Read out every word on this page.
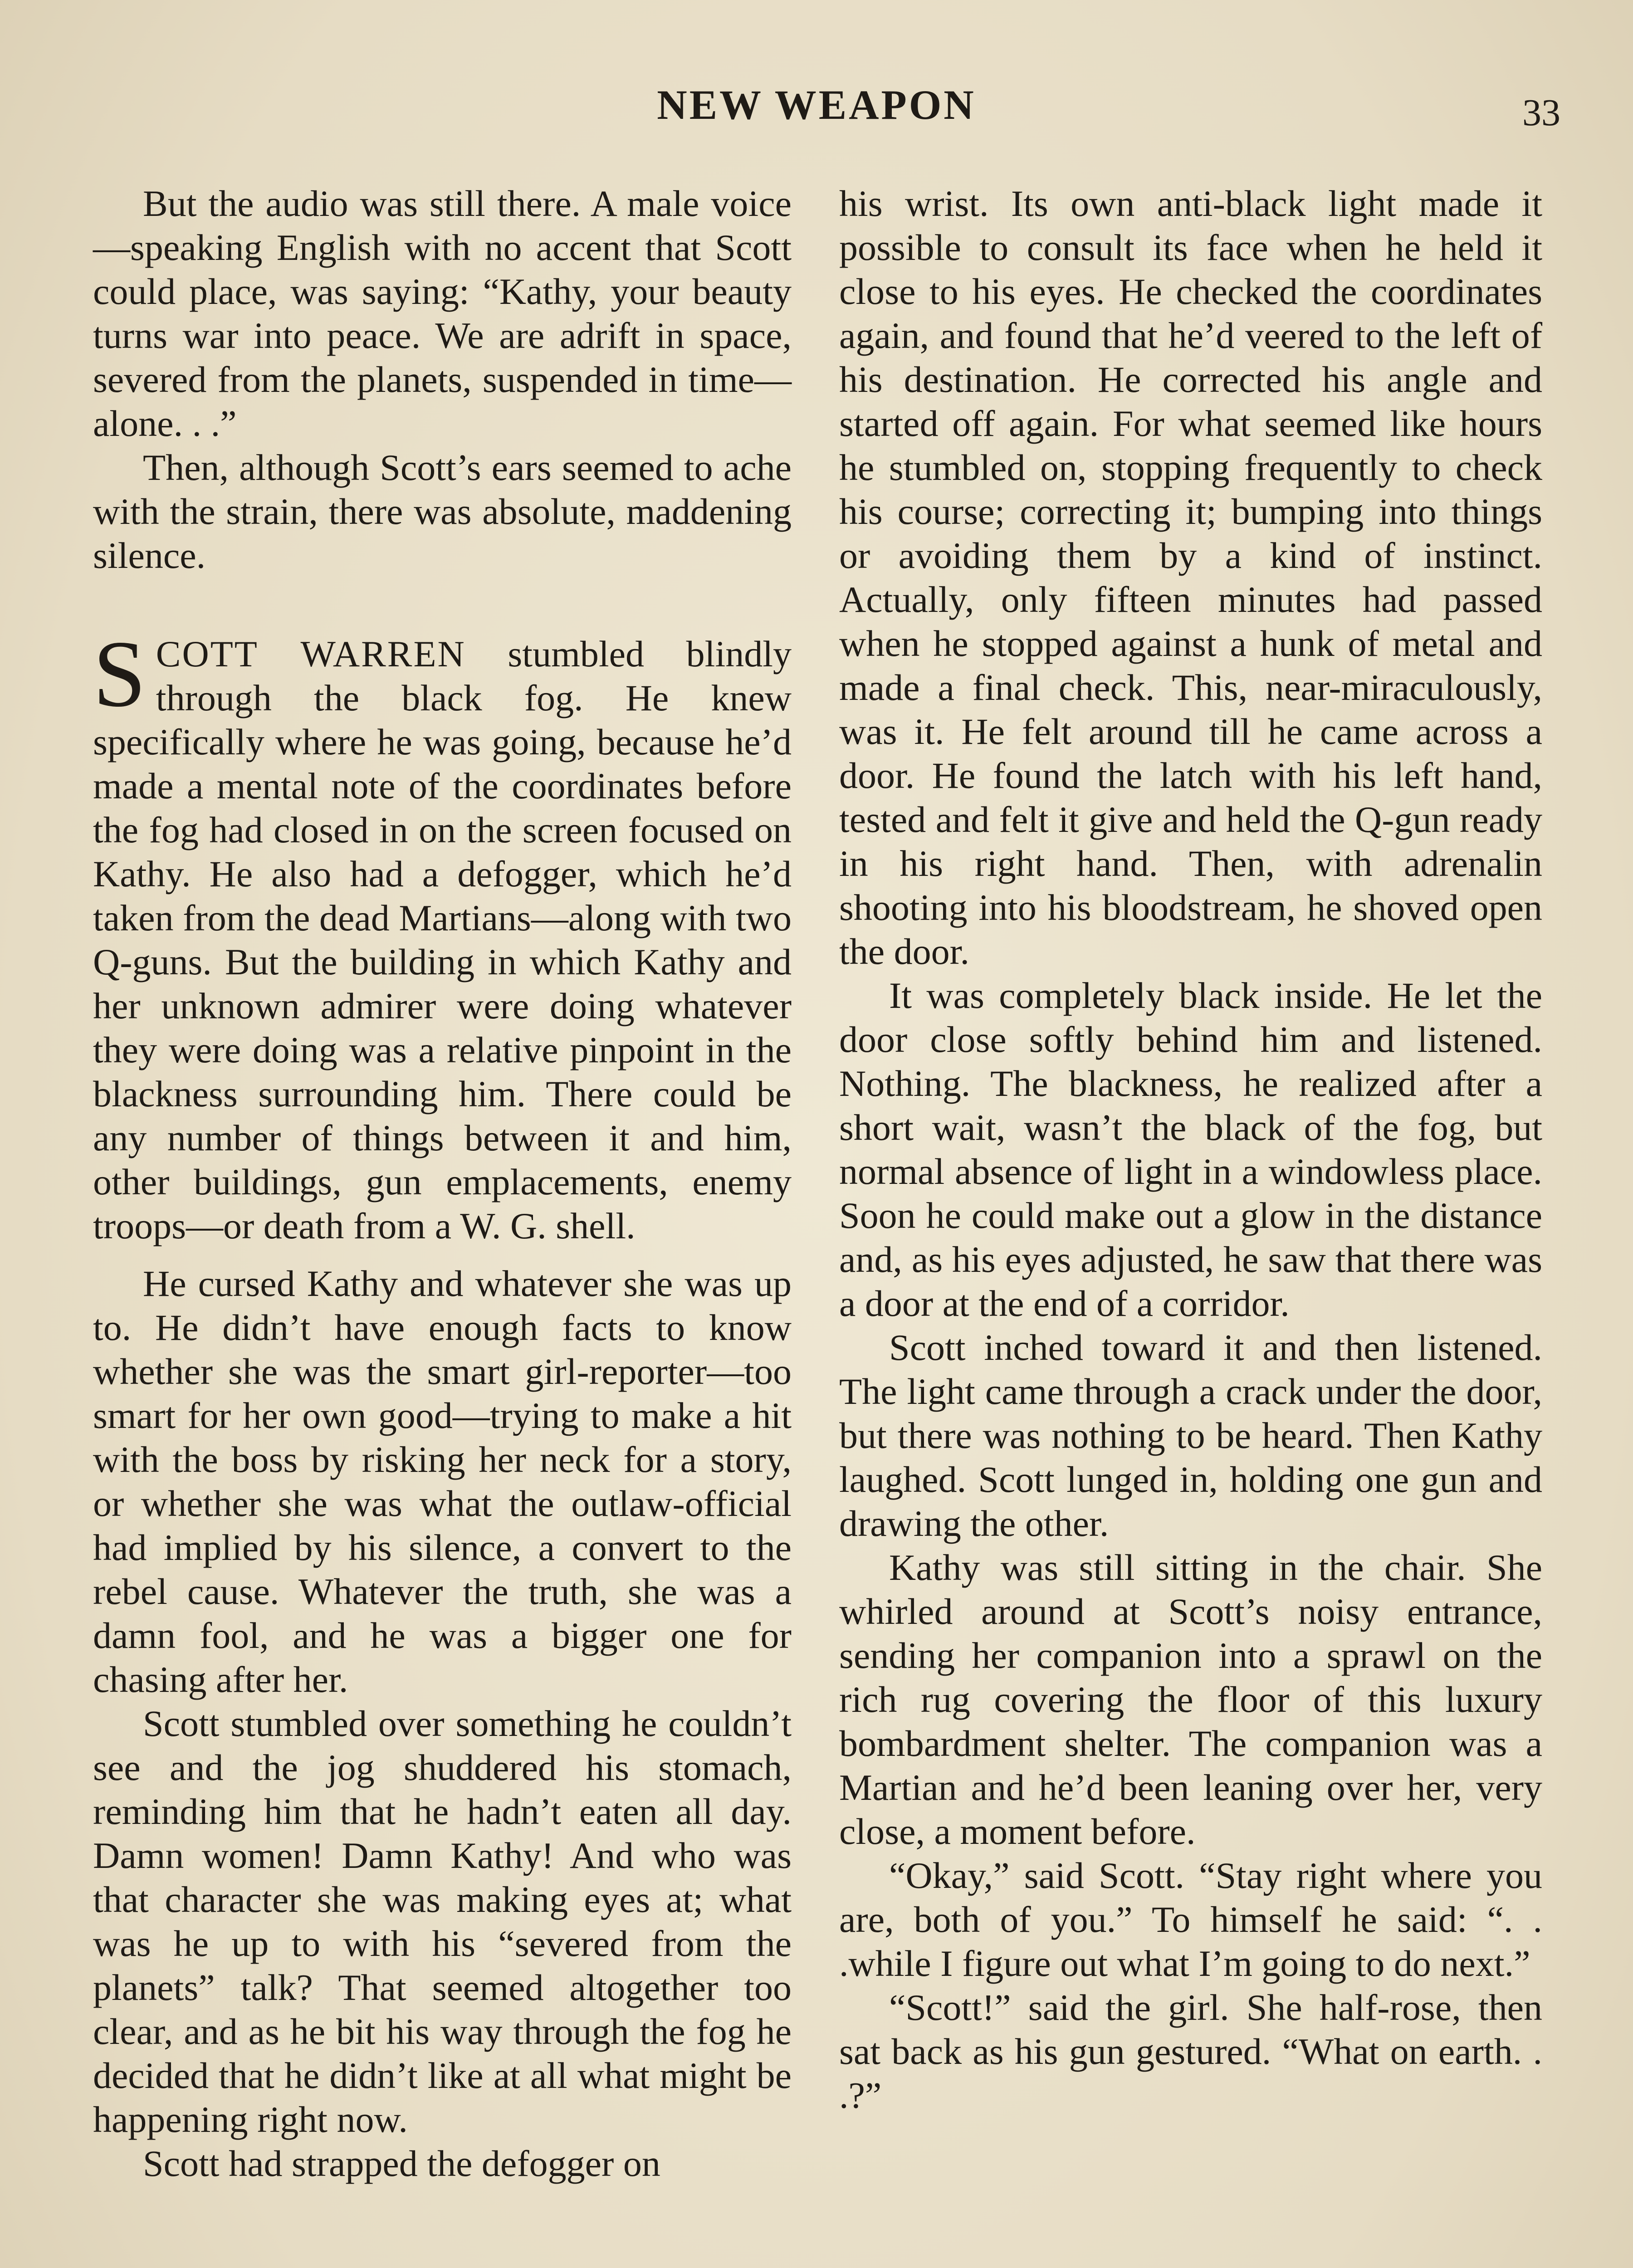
NEW WEAPON	33

But the audio was still there. A male voice—speaking English with no accent that Scott could place, was saying: “Kathy, your beauty turns war into peace. We are adrift in space, severed from the planets, suspended in time—alone. . .”

Then, although Scott’s ears seemed to ache with the strain, there was absolute, maddening silence.

SCOTT WARREN stumbled blindly through the black fog. He knew specifically where he was going, because he’d made a mental note of the coordinates before the fog had closed in on the screen focused on Kathy. He also had a defogger, which he’d taken from the dead Martians—along with two Q-guns. But the building in which Kathy and her unknown admirer were doing whatever they were doing was a relative pinpoint in the blackness surrounding him. There could be any number of things between it and him, other buildings, gun emplacements, enemy troops—or death from a W. G. shell.

He cursed Kathy and whatever she was up to. He didn’t have enough facts to know whether she was the smart girl-reporter—too smart for her own good—trying to make a hit with the boss by risking her neck for a story, or whether she was what the outlaw-official had implied by his silence, a convert to the rebel cause. Whatever the truth, she was a damn fool, and he was a bigger one for chasing after her.

Scott stumbled over something he couldn’t see and the jog shuddered his stomach, reminding him that he hadn’t eaten all day. Damn women! Damn Kathy! And who was that character she was making eyes at; what was he up to with his “severed from the planets” talk? That seemed altogether too clear, and as he bit his way through the fog he decided that he didn’t like at all what might be happening right now.

Scott had strapped the defogger on

his wrist. Its own anti-black light made it possible to consult its face when he held it close to his eyes. He checked the coordinates again, and found that he’d veered to the left of his destination. He corrected his angle and started off again. For what seemed like hours he stumbled on, stopping frequently to check his course; correcting it; bumping into things or avoiding them by a kind of instinct. Actually, only fifteen minutes had passed when he stopped against a hunk of metal and made a final check. This, near-miraculously, was it. He felt around till he came across a door. He found the latch with his left hand, tested and felt it give and held the Q-gun ready in his right hand. Then, with adrenalin shooting into his bloodstream, he shoved open the door.

It was completely black inside. He let the door close softly behind him and listened. Nothing. The blackness, he realized after a short wait, wasn’t the black of the fog, but normal absence of light in a windowless place. Soon he could make out a glow in the distance and, as his eyes adjusted, he saw that there was a door at the end of a corridor.

Scott inched toward it and then listened. The light came through a crack under the door, but there was nothing to be heard. Then Kathy laughed. Scott lunged in, holding one gun and drawing the other.

Kathy was still sitting in the chair. She whirled around at Scott’s noisy entrance, sending her companion into a sprawl on the rich rug covering the floor of this luxury bombardment shelter. The companion was a Martian and he’d been leaning over her, very close, a moment before.

“Okay,” said Scott. “Stay right where you are, both of you.” To himself he said: “. . .while I figure out what I’m going to do next.”

“Scott!” said the girl. She half-rose, then sat back as his gun gestured. “What on earth. . .?”
